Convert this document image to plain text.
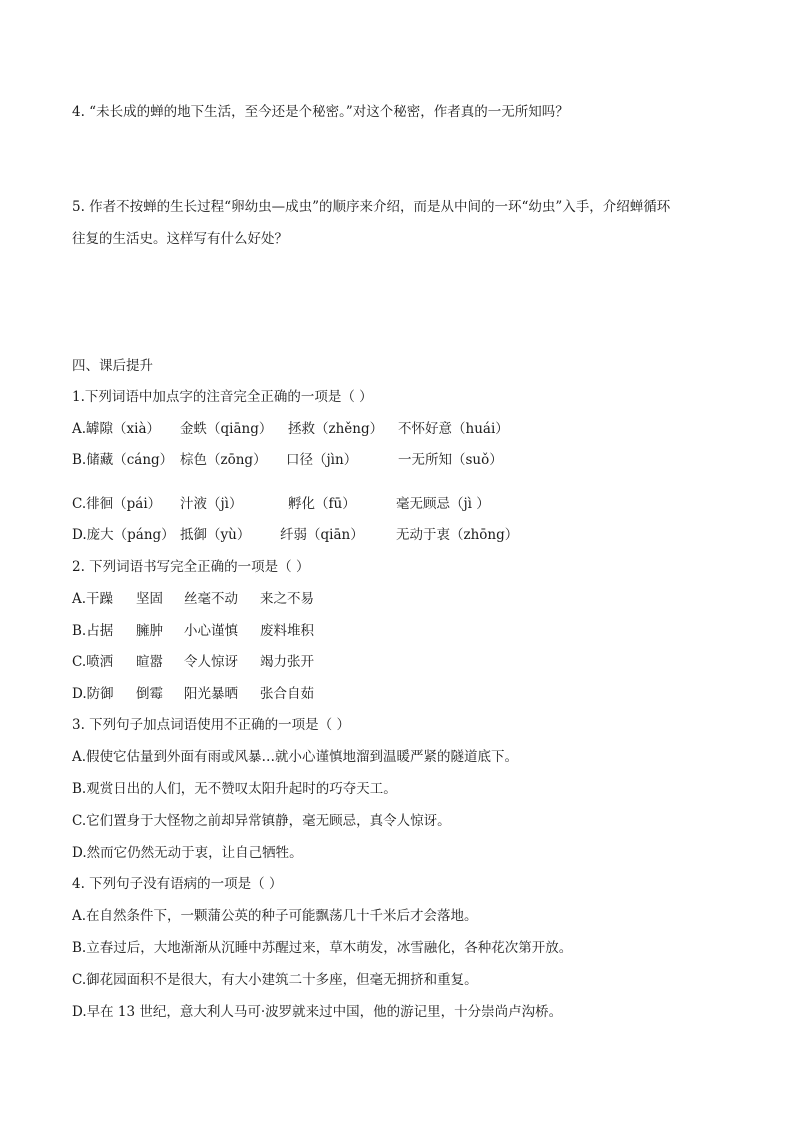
4. “未长成的蝉的地下生活，至今还是个秘密。”对这个秘密，作者真的一无所知吗？
5. 作者不按蝉的生长过程“卵幼虫—成虫”的顺序来介绍，而是从中间的一环“幼虫”入手，介绍蝉循环
往复的生活史。这样写有什么好处？
四、课后提升
1.下列词语中加点字的注音完全正确的一项是（ ）
A.罅隙（xià） 金蛈（qiāng） 拯救（zhěng） 不怀好意（huái）
B.储藏（cáng） 棕色（zōng） 口径（jìn）	一无所知（suǒ）
C.徘徊（pái） 汁液（jì）	孵化（fū）	毫无顾忌（jì ）
D.庞大（páng） 抵御（yù） 纤弱（qiān） 无动于衷（zhōng）
2. 下列词语书写完全正确的一项是（ ）
A.干躁 坚固 丝毫不动 来之不易
B.占据 臃肿 小心谨慎 废料堆积
C.喷洒 暄嚣 令人惊讶 竭力张开
D.防御 倒霉 阳光暴晒 张合自茹
3. 下列句子加点词语使用不正确的一项是（ ）
A.假使它估量到外面有雨或风暴…就小心谨慎地溜到温暖严紧的隧道底下。
B.观赏日出的人们，无不赞叹太阳升起时的巧夺天工。
C.它们置身于大怪物之前却异常镇静，毫无顾忌，真令人惊讶。
D.然而它仍然无动于衷，让自己牺牲。
4. 下列句子没有语病的一项是（ ）
A.在自然条件下，一颗蒲公英的种子可能飘荡几十千米后才会落地。
B.立春过后，大地渐渐从沉睡中苏醒过来，草木萌发，冰雪融化，各种花次第开放。
C.御花园面积不是很大，有大小建筑二十多座，但毫无拥挤和重复。
D.早在 13 世纪，意大利人马可·波罗就来过中国，他的游记里，十分崇尚卢沟桥。
